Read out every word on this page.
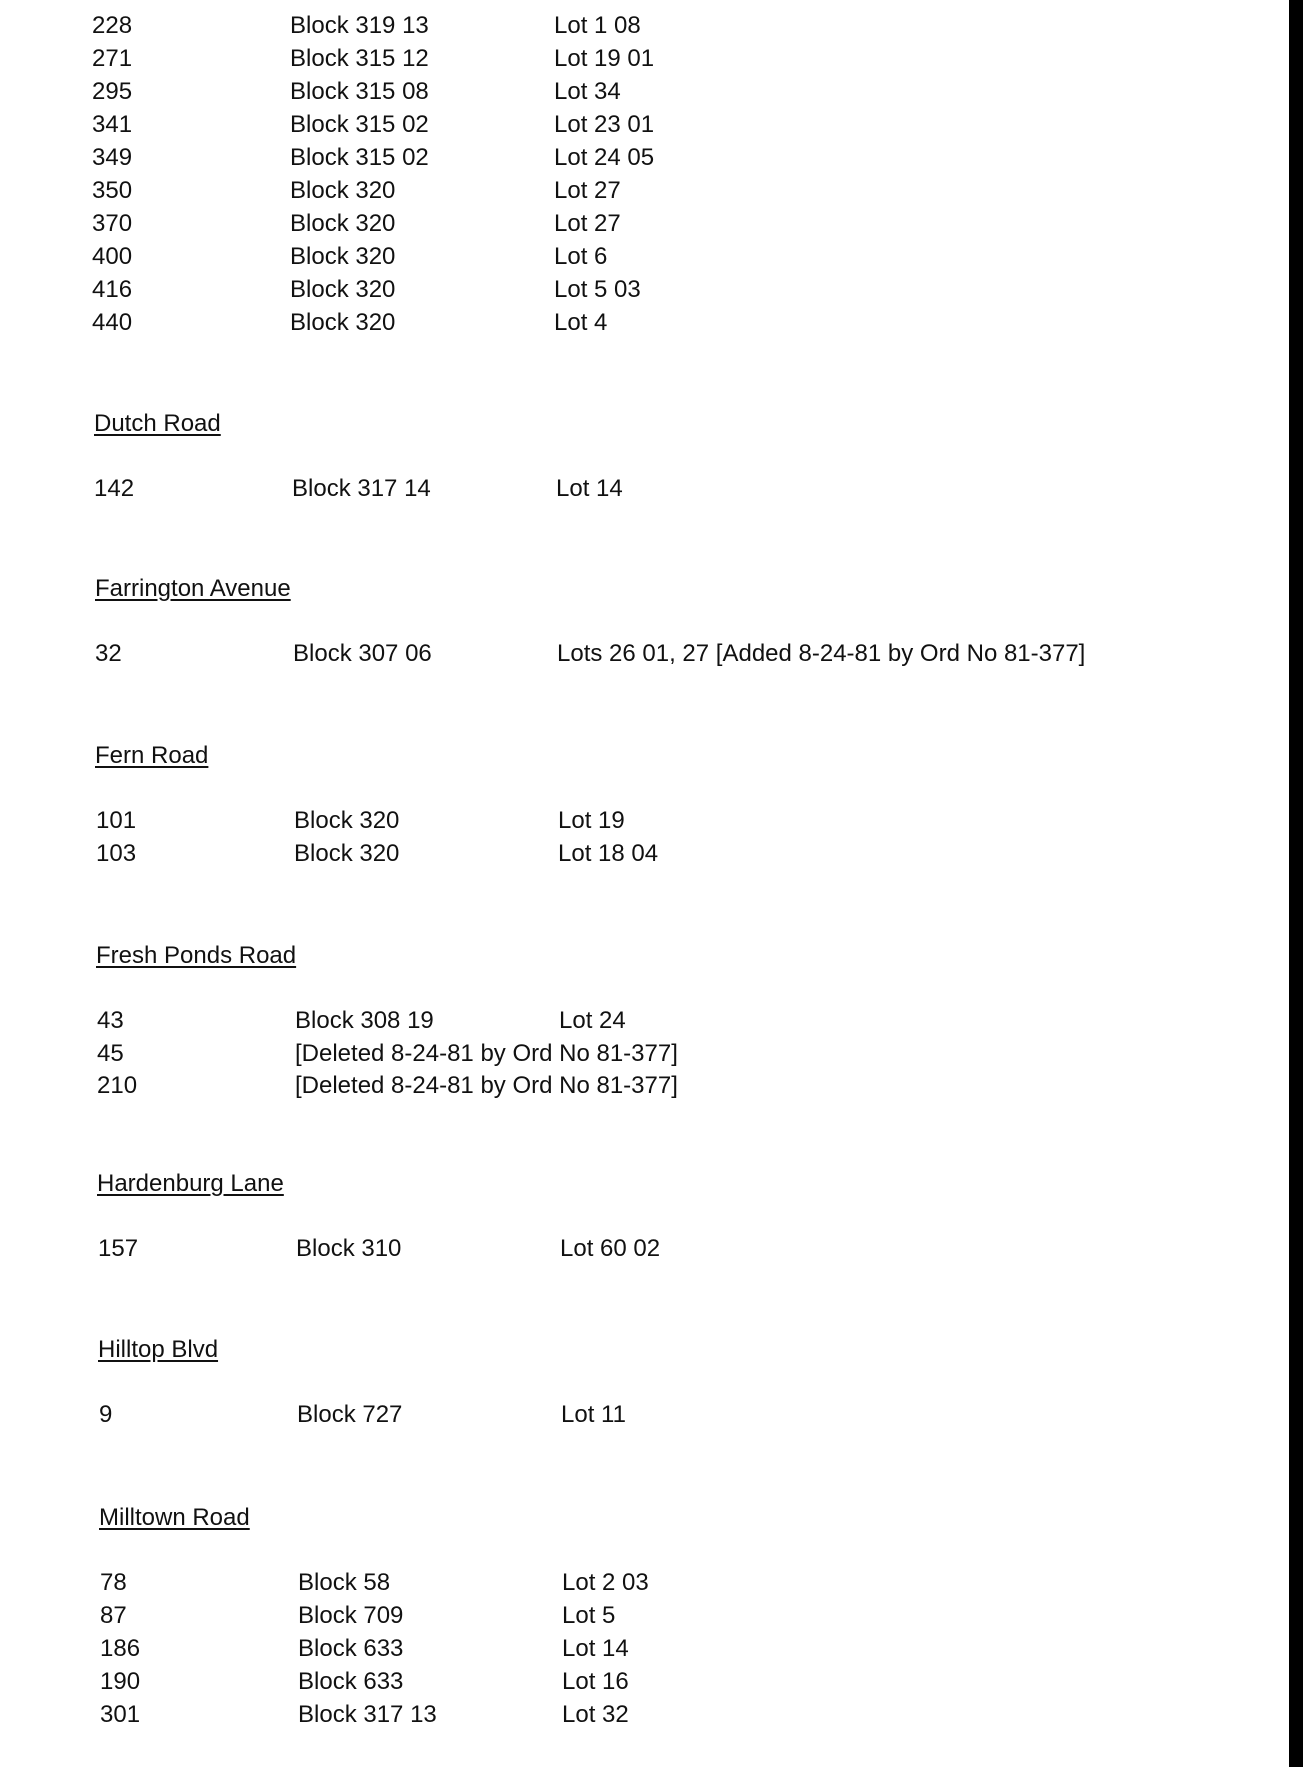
228	Block 319 13	Lot 1 08
271	Block 315 12	Lot 19 01
295	Block 315 08	Lot 34
341	Block 315 02	Lot 23 01
349	Block 315 02	Lot 24 05
350	Block 320	Lot 27
370	Block 320	Lot 27
400	Block 320	Lot 6
416	Block 320	Lot 5 03
440	Block 320	Lot 4
Dutch Road
142	Block 317 14	Lot 14
Farrington Avenue
32	Block 307 06	Lots 26 01, 27 [Added 8-24-81 by Ord No 81-377]
Fern Road
101	Block 320	Lot 19
103	Block 320	Lot 18 04
Fresh Ponds Road
43	Block 308 19	Lot 24
45	[Deleted 8-24-81 by Ord No 81-377]
210	[Deleted 8-24-81 by Ord No 81-377]
Hardenburg Lane
157	Block 310	Lot 60 02
Hilltop Blvd
9	Block 727	Lot 11
Milltown Road
78	Block 58	Lot 2 03
87	Block 709	Lot 5
186	Block 633	Lot 14
190	Block 633	Lot 16
301	Block 317 13	Lot 32
